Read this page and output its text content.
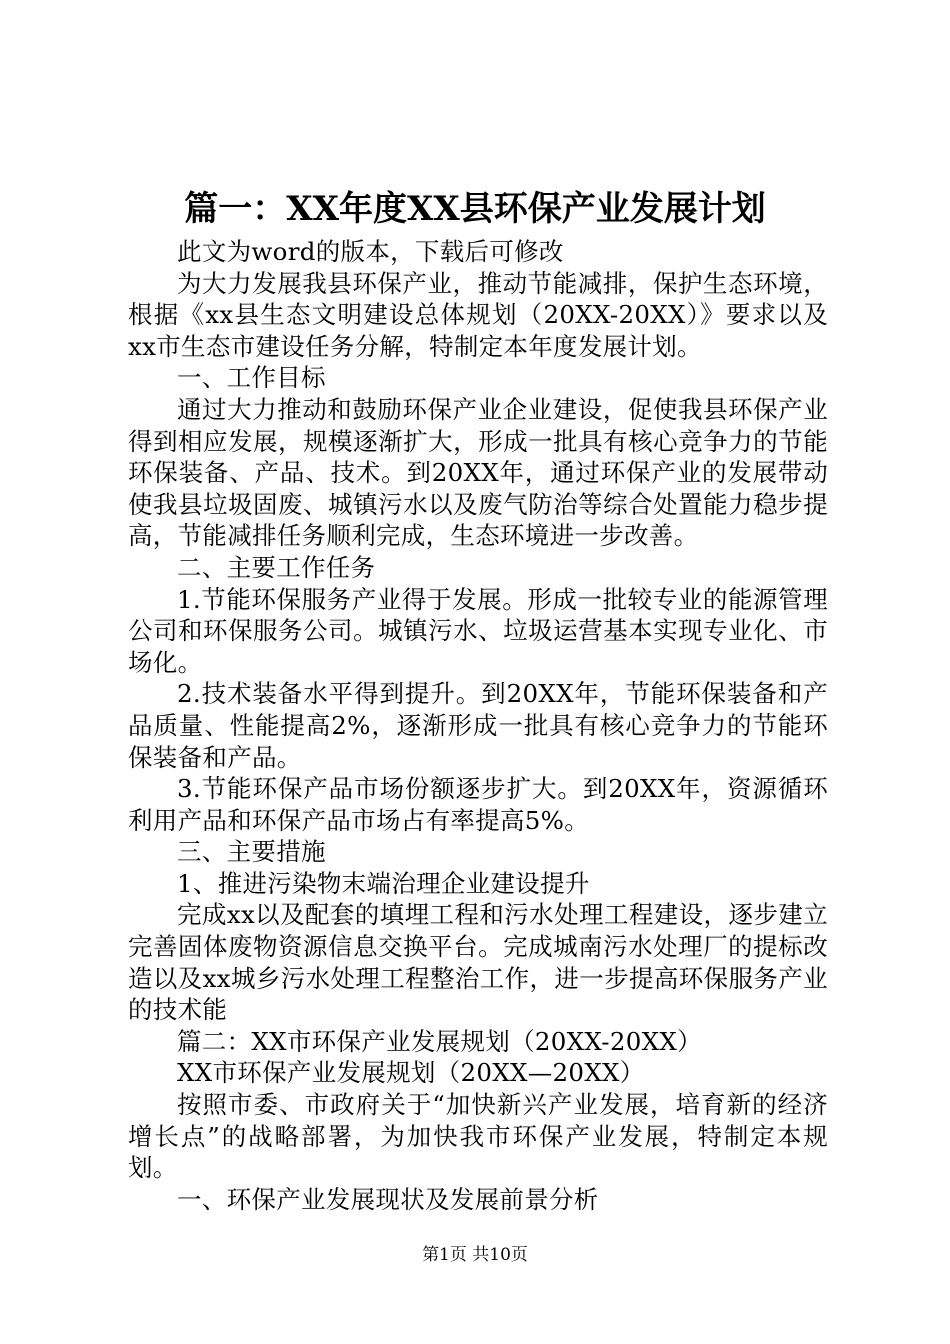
篇一：XX年度XX县环保产业发展计划

此文为word的版本，下载后可修改

为大力发展我县环保产业，推动节能减排，保护生态环境，根据《xx县生态文明建设总体规划（20XX-20XX）》要求以及xx市生态市建设任务分解，特制定本年度发展计划。

一、工作目标

通过大力推动和鼓励环保产业企业建设，促使我县环保产业得到相应发展，规模逐渐扩大，形成一批具有核心竞争力的节能环保装备、产品、技术。到20XX年，通过环保产业的发展带动使我县垃圾固废、城镇污水以及废气防治等综合处置能力稳步提高，节能减排任务顺利完成，生态环境进一步改善。

二、主要工作任务

1.节能环保服务产业得于发展。形成一批较专业的能源管理公司和环保服务公司。城镇污水、垃圾运营基本实现专业化、市场化。

2.技术装备水平得到提升。到20XX年，节能环保装备和产品质量、性能提高2%，逐渐形成一批具有核心竞争力的节能环保装备和产品。

3.节能环保产品市场份额逐步扩大。到20XX年，资源循环利用产品和环保产品市场占有率提高5%。

三、主要措施

1、推进污染物末端治理企业建设提升

完成xx以及配套的填埋工程和污水处理工程建设，逐步建立完善固体废物资源信息交换平台。完成城南污水处理厂的提标改造以及xx城乡污水处理工程整治工作，进一步提高环保服务产业的技术能

篇二：XX市环保产业发展规划（20XX-20XX）

XX市环保产业发展规划（20XX—20XX）

按照市委、市政府关于“加快新兴产业发展，培育新的经济增长点”的战略部署，为加快我市环保产业发展，特制定本规划。

一、环保产业发展现状及发展前景分析

第1页 共10页
